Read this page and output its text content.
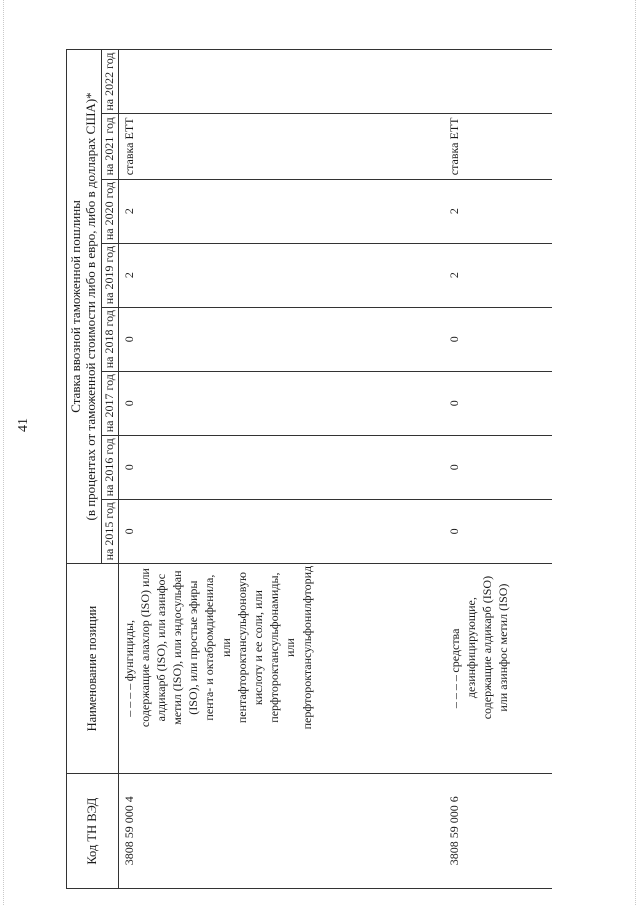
41
Код ТН ВЭД	Наименование позиции	Ставка ввозной таможенной пошлины (в процентах от таможенной стоимости либо в евро, либо в долларах США)*							

		на 2015 год	на 2016 год	на 2017 год	на 2018 год	на 2019 год	на 2020 год	на 2021 год	на 2022 год
3808 59 000 4	– – – –фунгициды, содержащие алахлор (ISO) или алдикарб (ISO), или азинфос метил (ISO), или эндосульфан (ISO), или простые эфиры пента- и октабромдифенила, или пентафтороктансульфоновую кислоту и ее соли, или перфтороктансульфонамиды, или перфтороктансульфонилфторид	0	0	0	0	2	2	ставка ЕТТ	
3808 59 000 6	– – – –средства дезинфицирующие, содержащие алдикарб (ISO) или азинфос метил (ISO)	0	0	0	0	2	2	ставка ЕТТ	
